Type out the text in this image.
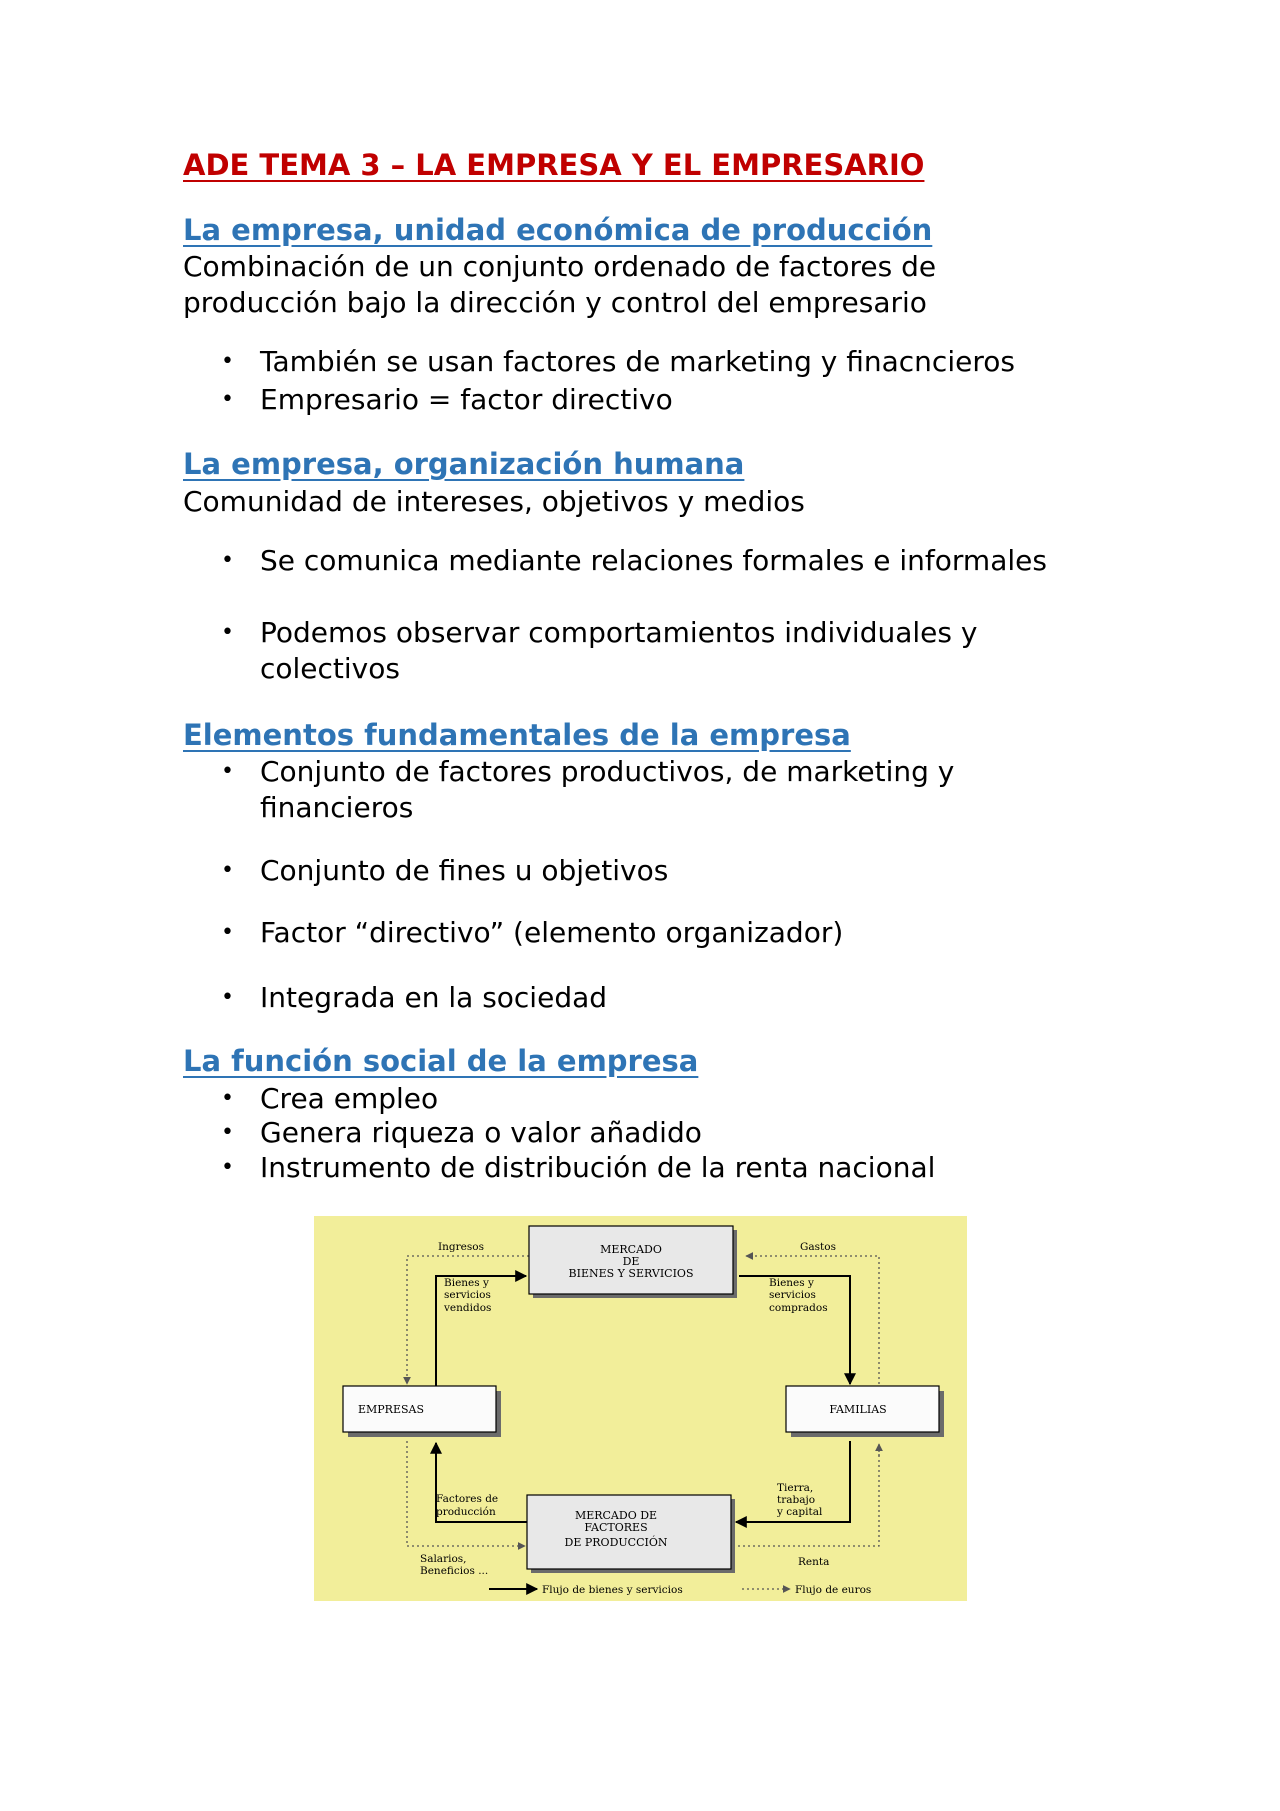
ADE TEMA 3 – LA EMPRESA Y EL EMPRESARIO
La empresa, unidad económica de producción

Combinación de un conjunto ordenado de factores de producción bajo la dirección y control del empresario

• También se usan factores de marketing y finacncieros
• Empresario = factor directivo
La empresa, organización humana

Comunidad de intereses, objetivos y medios

• Se comunica mediante relaciones formales e informales
• Podemos observar comportamientos individuales y colectivos
Elementos fundamentales de la empresa
• Conjunto de factores productivos, de marketing y financieros
• Conjunto de fines u objetivos
• Factor “directivo” (elemento organizador)
• Integrada en la sociedad
La función social de la empresa
• Crea empleo
• Genera riqueza o valor añadido
• Instrumento de distribución de la renta nacional
MERCADO
DE
BIENES Y SERVICIOS
EMPRESAS	FAMILIAS
MERCADO DE
FACTORES
DE PRODUCCIÓN
Ingresos	Gastos
Bienes y
servicios
vendidos
Bienes y
servicios
comprados
Factores de
producción
Tierra,
trabajo
y capital
Salarios,
Beneficios ...
Renta
Flujo de bienes y servicios	Flujo de euros
